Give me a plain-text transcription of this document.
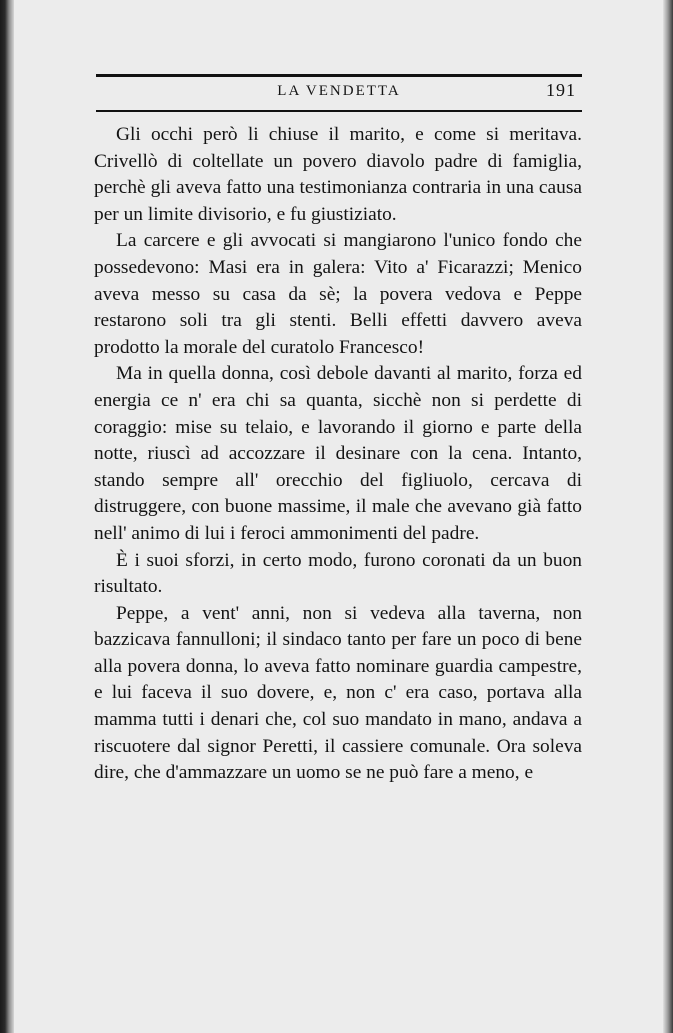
LA VENDETTA	191

Gli occhi però li chiuse il marito, e come si meritava. Crivellò di coltellate un povero diavolo padre di famiglia, perchè gli aveva fatto una testimonianza contraria in una causa per un limite divisorio, e fu giustiziato.

La carcere e gli avvocati si mangiarono l'unico fondo che possedevono: Masi era in galera: Vito a' Ficarazzi; Menico aveva messo su casa da sè; la povera vedova e Peppe restarono soli tra gli stenti. Belli effetti davvero aveva prodotto la morale del curatolo Francesco!

Ma in quella donna, così debole davanti al marito, forza ed energia ce n' era chi sa quanta, sicchè non si perdette di coraggio: mise su telaio, e lavorando il giorno e parte della notte, riuscì ad accozzare il desinare con la cena. Intanto, stando sempre all' orecchio del figliuolo, cercava di distruggere, con buone massime, il male che avevano già fatto nell' animo di lui i feroci ammonimenti del padre.

È i suoi sforzi, in certo modo, furono coronati da un buon risultato.

Peppe, a vent' anni, non si vedeva alla taverna, non bazzicava fannulloni; il sindaco tanto per fare un poco di bene alla povera donna, lo aveva fatto nominare guardia campestre, e lui faceva il suo dovere, e, non c' era caso, portava alla mamma tutti i denari che, col suo mandato in mano, andava a riscuotere dal signor Peretti, il cassiere comunale. Ora soleva dire, che d'ammazzare un uomo se ne può fare a meno, e
